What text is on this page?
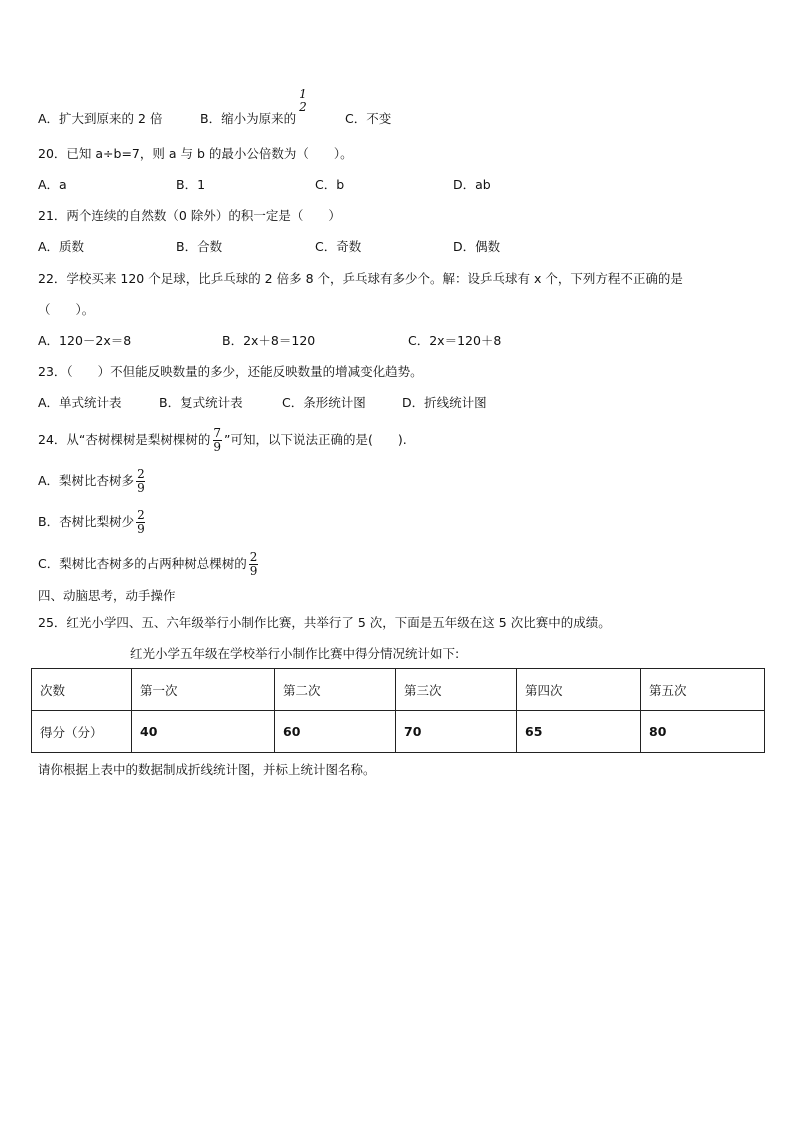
A．扩大到原来的 2 倍	B．缩小为原来的
1
2
C．不变
20．已知 a÷b=7，则 a 与 b 的最小公倍数为（　　）。
A．a	B．1	C．b	D．ab
21．两个连续的自然数（0 除外）的积一定是（　　）
A．质数	B．合数	C．奇数	D．偶数
22．学校买来 120 个足球，比乒乓球的 2 倍多 8 个，乒乓球有多少个。解：设乒乓球有 x 个，下列方程不正确的是
（　　）。
A．120－2x＝8	B．2x＋8＝120	C．2x＝120＋8
23．（　　）不但能反映数量的多少，还能反映数量的增减变化趋势。
A．单式统计表	B．复式统计表	C．条形统计图	D．折线统计图
24．从“杏树棵树是梨树棵树的 $\frac{7}{9}$ ”可知，以下说法正确的是(　　).
A．梨树比杏树多 $\frac{2}{9}$
B．杏树比梨树少 $\frac{2}{9}$
C．梨树比杏树多的占两种树总棵树的 $\frac{2}{9}$
四、动脑思考，动手操作
25．红光小学四、五、六年级举行小制作比赛，共举行了 5 次，下面是五年级在这 5 次比赛中的成绩。
红光小学五年级在学校举行小制作比赛中得分情况统计如下:
次数	第一次	第二次	第三次	第四次	第五次
得分（分）	40	60	70	65	80
请你根据上表中的数据制成折线统计图，并标上统计图名称。
